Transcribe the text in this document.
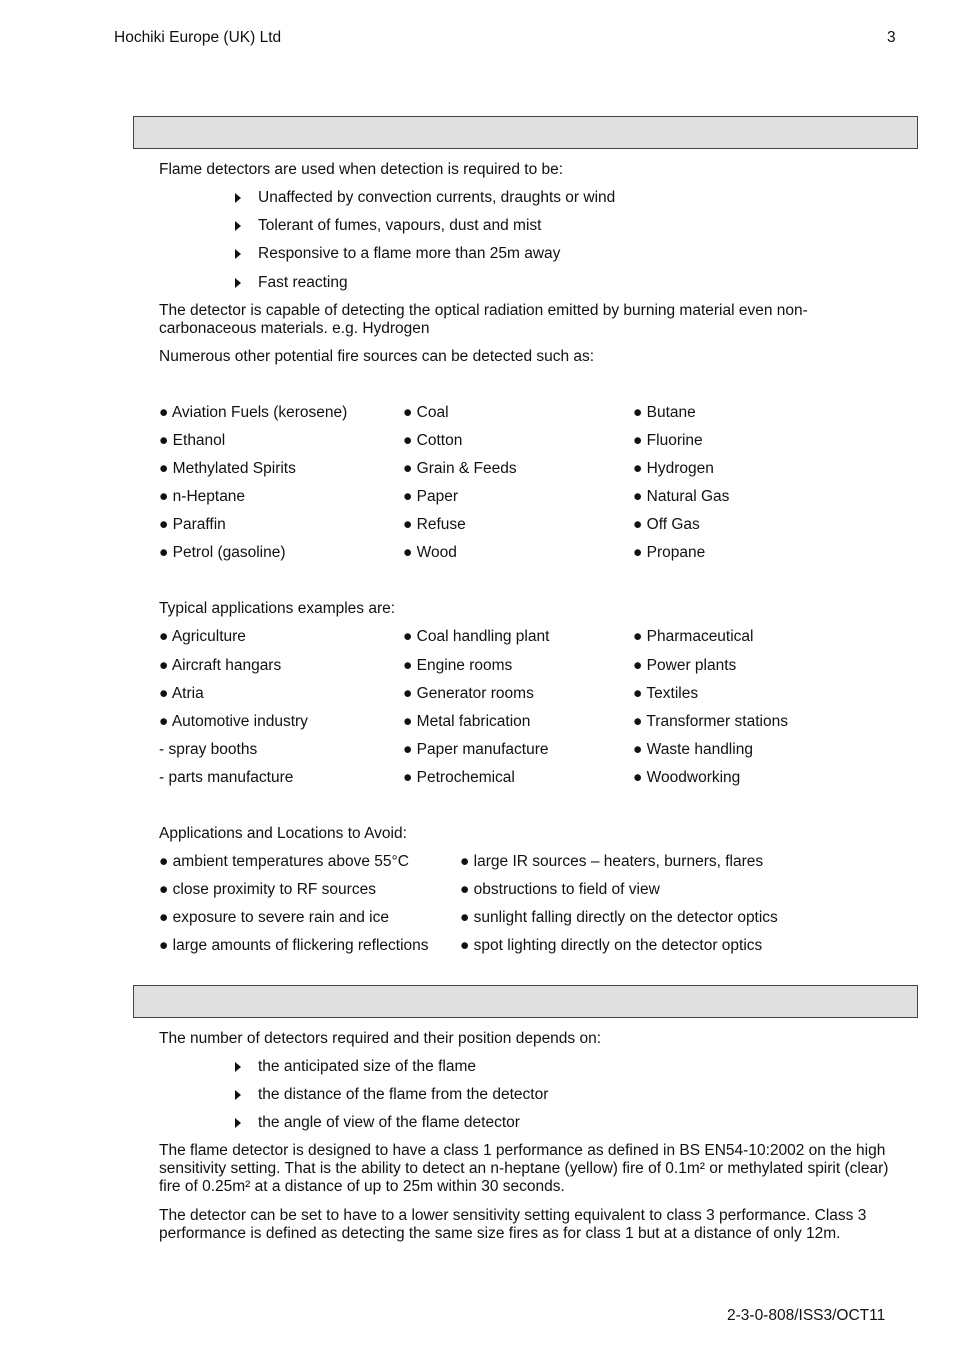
Hochiki Europe (UK) Ltd	3
Flame detectors are used when detection is required to be:
Unaffected by convection currents, draughts or wind
Tolerant of fumes, vapours, dust and mist
Responsive to a flame more than 25m away
Fast reacting
The detector is capable of detecting the optical radiation emitted by burning material even non-carbonaceous materials. e.g. Hydrogen
Numerous other potential fire sources can be detected such as:
● Aviation Fuels (kerosene)
● Ethanol
● Methylated Spirits
● n-Heptane
● Paraffin
● Petrol (gasoline)
● Coal
● Cotton
● Grain & Feeds
● Paper
● Refuse
● Wood
● Butane
● Fluorine
● Hydrogen
● Natural Gas
● Off Gas
● Propane
Typical applications examples are:
● Agriculture
● Aircraft hangars
● Atria
● Automotive industry
- spray booths
- parts manufacture
● Coal handling plant
● Engine rooms
● Generator rooms
● Metal fabrication
● Paper manufacture
● Petrochemical
● Pharmaceutical
● Power plants
● Textiles
● Transformer stations
● Waste handling
● Woodworking
Applications and Locations to Avoid:
● ambient temperatures above 55°C
● close proximity to RF sources
● exposure to severe rain and ice
● large amounts of flickering reflections
● large IR sources – heaters, burners, flares
● obstructions to field of view
● sunlight falling directly on the detector optics
● spot lighting directly on the detector optics
The number of detectors required and their position depends on:
the anticipated size of the flame
the distance of the flame from the detector
the angle of view of the flame detector
The flame detector is designed to have a class 1 performance as defined in BS EN54-10:2002 on the high sensitivity setting. That is the ability to detect an n-heptane (yellow) fire of 0.1m² or methylated spirit (clear) fire of 0.25m² at a distance of up to 25m within 30 seconds.
The detector can be set to have to a lower sensitivity setting equivalent to class 3 performance. Class 3 performance is defined as detecting the same size fires as for class 1 but at a distance of only 12m.
2-3-0-808/ISS3/OCT11
